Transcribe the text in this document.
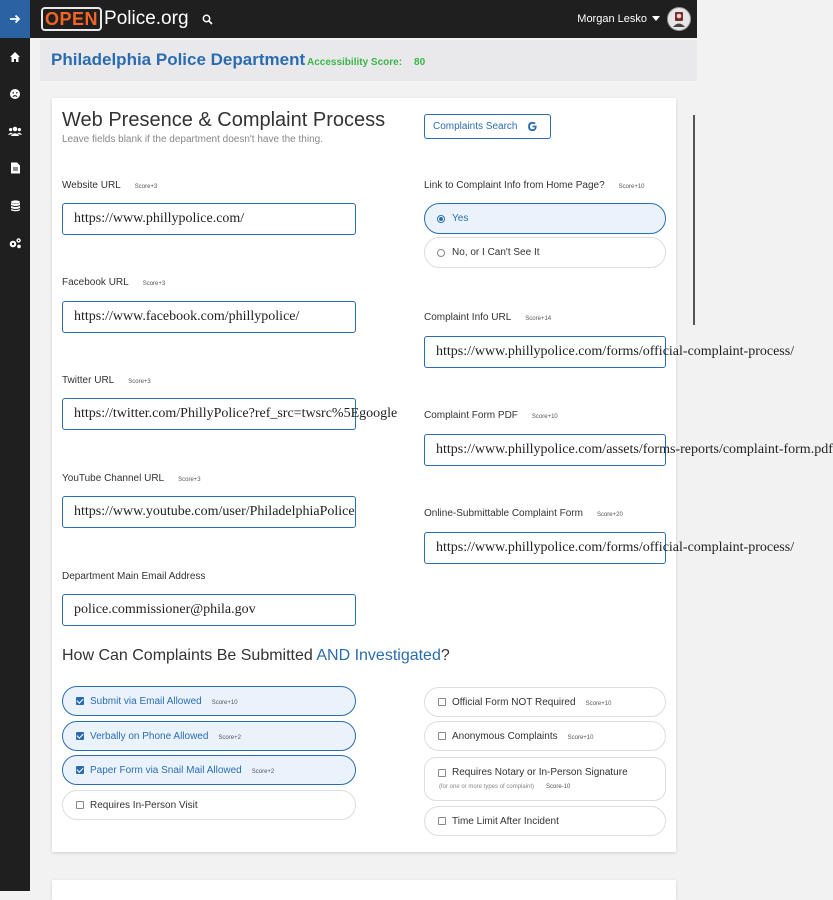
OPEN Police.org	Morgan Lesko
Philadelphia Police Department Accessibility Score: 80
Web Presence & Complaint Process
Leave fields blank if the department doesn't have the thing.
Complaints Search
Website URL Score+3
https://www.phillypolice.com/
Facebook URL Score+3
https://www.facebook.com/phillypolice/
Twitter URL Score+3
https://twitter.com/PhillyPolice?ref_src=twsrc%5Egoogle
YouTube Channel URL Score+3
https://www.youtube.com/user/PhiladelphiaPolice
Department Main Email Address
police.commissioner@phila.gov
Link to Complaint Info from Home Page? Score+10
Yes
No, or I Can't See It
Complaint Info URL Score+14
https://www.phillypolice.com/forms/official-complaint-process/
Complaint Form PDF Score+10
https://www.phillypolice.com/assets/forms-reports/complaint-form.pdf
Online-Submittable Complaint Form Score+20
https://www.phillypolice.com/forms/official-complaint-process/
How Can Complaints Be Submitted AND Investigated?
Submit via Email Allowed Score+10
Verbally on Phone Allowed Score+2
Paper Form via Snail Mail Allowed Score+2
Requires In-Person Visit
Official Form NOT Required Score+10
Anonymous Complaints Score+10
Requires Notary or In-Person Signature
(for one or more types of complaint) Score-10
Time Limit After Incident
